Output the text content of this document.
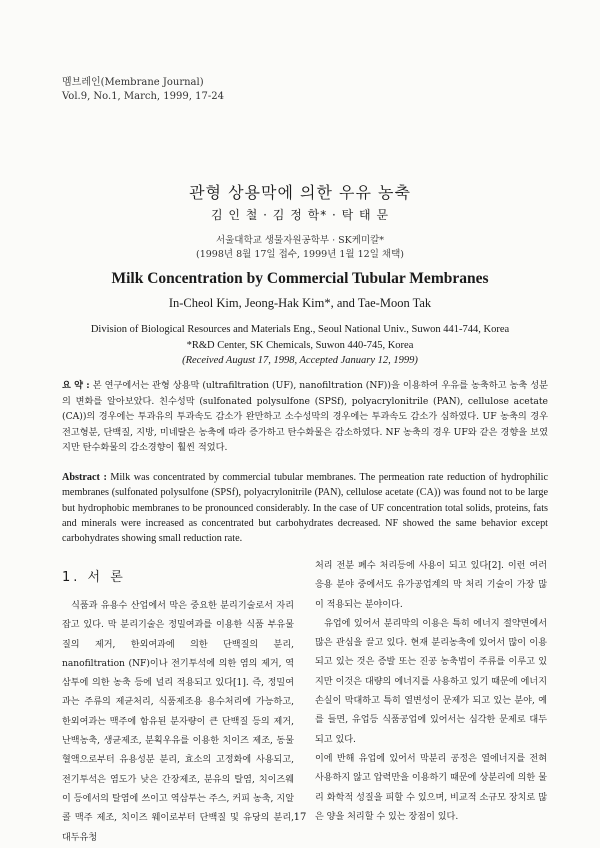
멤브레인(Membrane Journal)
Vol.9, No.1, March, 1999, 17-24
관형 상용막에 의한 우유 농축
김 인 철 · 김 정 학* · 탁 태 문
서울대학교 생물자원공학부 · SK케미칼*
(1998년 8월 17일 접수, 1999년 1월 12일 채택)
Milk Concentration by Commercial Tubular Membranes
In-Cheol Kim, Jeong-Hak Kim*, and Tae-Moon Tak
Division of Biological Resources and Materials Eng., Seoul National Univ., Suwon 441-744, Korea
*R&D Center, SK Chemicals, Suwon 440-745, Korea
(Received August 17, 1998, Accepted January 12, 1999)
요 약 : 본 연구에서는 관형 상용막 (ultrafiltration (UF), nanofiltration (NF))을 이용하여 우유를 농축하고 농축 성분의 변화를 알아보았다. 친수성막 (sulfonated polysulfone (SPSf), polyacrylonitrile (PAN), cellulose acetate (CA))의 경우에는 투과유의 투과속도 감소가 완만하고 소수성막의 경우에는 투과속도 감소가 심하였다. UF 농축의 경우 전고형분, 단백질, 지방, 미네랄은 농축에 따라 증가하고 탄수화물은 감소하였다. NF 농축의 경우 UF와 같은 경향을 보였지만 탄수화물의 감소경향이 훨씬 적었다.
Abstract : Milk was concentrated by commercial tubular membranes. The permeation rate reduction of hydrophilic membranes (sulfonated polysulfone (SPSf), polyacrylonitrile (PAN), cellulose acetate (CA)) was found not to be large but hydrophobic membranes to be pronounced considerably. In the case of UF concentration total solids, proteins, fats and minerals were increased as concentrated but carbohydrates decreased. NF showed the same behavior except carbohydrates showing small reduction rate.
1. 서 론

식품과 유용수 산업에서 막은 중요한 분리기술로서 자리잡고 있다. 막 분리기술은 정밀여과를 이용한 식품 부유물질의 제거, 한외여과에 의한 단백질의 분리, nanofiltration (NF)이나 전기투석에 의한 염의 제거, 역삼투에 의한 농축 등에 널리 적용되고 있다[1]. 즉, 정밀여과는 주류의 제균처리, 식품제조용 용수처리에 가능하고, 한외여과는 맥주에 함유된 분자량이 큰 단백질 등의 제거, 난백농축, 생균제조, 분획우유를 이용한 치이즈 제조, 동물 혈액으로부터 유용성분 분리, 효소의 고정화에 사용되고, 전기투석은 염도가 낮은 간장제조, 분유의 탈염, 치이즈웨이 등에서의 탈염에 쓰이고 역삼투는 주스, 커피 농축, 지알콜 맥주 제조, 치이즈 웨이로부터 단백질 및 유당의 분리, 대두유청

처리 전분 폐수 처리등에 사용이 되고 있다[2]. 이런 여러 응용 분야 중에서도 유가공업계의 막 처리 기술이 가장 많이 적용되는 분야이다.

유업에 있어서 분리막의 이용은 특히 에너지 절약면에서 많은 관심을 끌고 있다. 현재 분리농축에 있어서 많이 이용되고 있는 것은 증발 또는 진공 농축법이 주류를 이루고 있지만 이것은 대량의 에너지를 사용하고 있기 때문에 에너지 손실이 막대하고 특히 열변성이 문제가 되고 있는 분야, 예를 들면, 유업등 식품공업에 있어서는 심각한 문제로 대두되고 있다.

이에 반해 유업에 있어서 막분리 공정은 열에너지를 전혀 사용하지 않고 압력만을 이용하기 때문에 상분리에 의한 물리 화학적 성질을 피할 수 있으며, 비교적 소규모 장치로 많은 양을 처리할 수 있는 장점이 있다.

17
